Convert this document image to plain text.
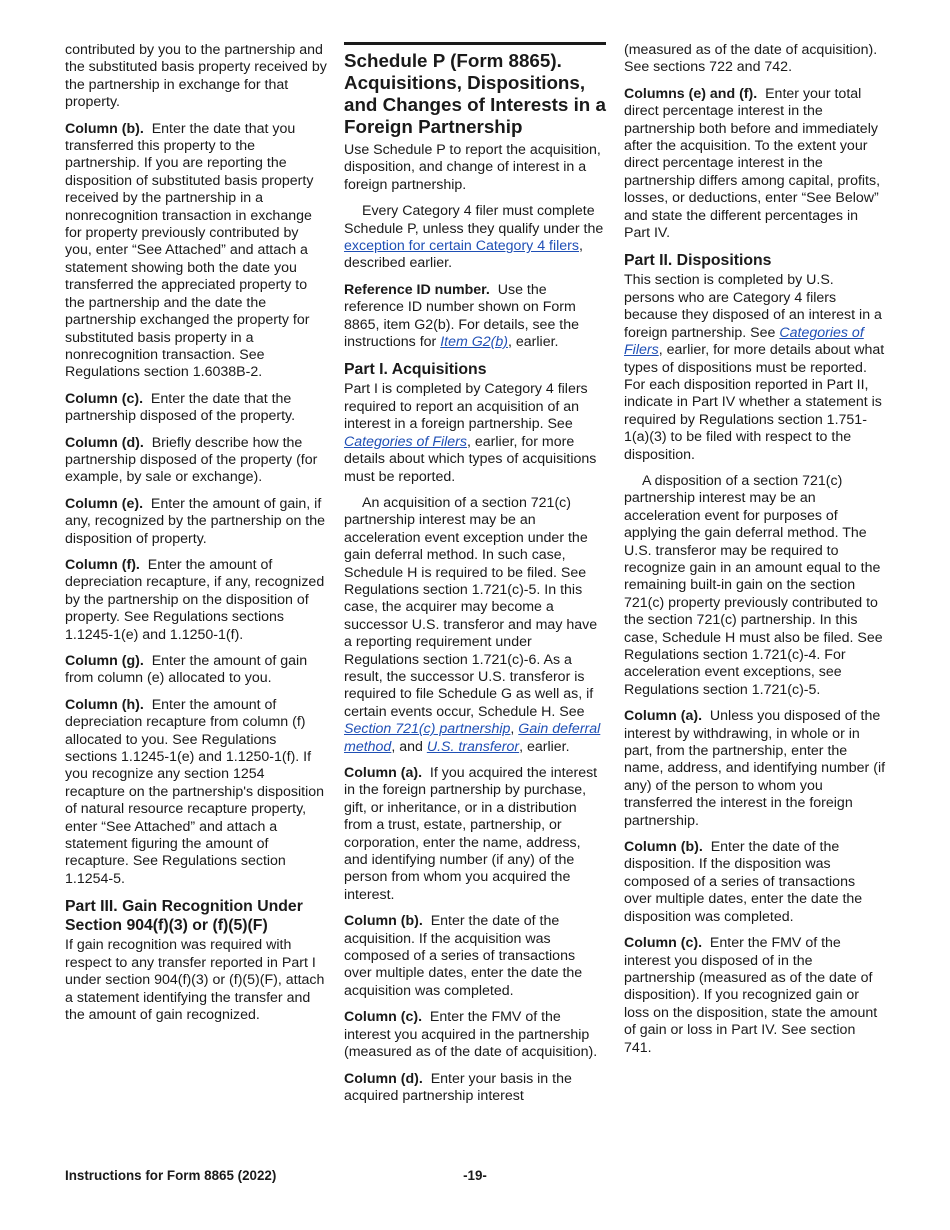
contributed by you to the partnership and the substituted basis property received by the partnership in exchange for that property.

Column (b). Enter the date that you transferred this property to the partnership. If you are reporting the disposition of substituted basis property received by the partnership in a nonrecognition transaction in exchange for property previously contributed by you, enter “See Attached” and attach a statement showing both the date you transferred the appreciated property to the partnership and the date the partnership exchanged the property for substituted basis property in a nonrecognition transaction. See Regulations section 1.6038B-2.

Column (c). Enter the date that the partnership disposed of the property.

Column (d). Briefly describe how the partnership disposed of the property (for example, by sale or exchange).

Column (e). Enter the amount of gain, if any, recognized by the partnership on the disposition of property.

Column (f). Enter the amount of depreciation recapture, if any, recognized by the partnership on the disposition of property. See Regulations sections 1.1245-1(e) and 1.1250-1(f).

Column (g). Enter the amount of gain from column (e) allocated to you.

Column (h). Enter the amount of depreciation recapture from column (f) allocated to you. See Regulations sections 1.1245-1(e) and 1.1250-1(f). If you recognize any section 1254 recapture on the partnership's disposition of natural resource recapture property, enter “See Attached” and attach a statement figuring the amount of recapture. See Regulations section 1.1254-5.

Part III. Gain Recognition Under Section 904(f)(3) or (f)(5)(F)

If gain recognition was required with respect to any transfer reported in Part I under section 904(f)(3) or (f)(5)(F), attach a statement identifying the transfer and the amount of gain recognized.

Schedule P (Form 8865). Acquisitions, Dispositions, and Changes of Interests in a Foreign Partnership

Use Schedule P to report the acquisition, disposition, and change of interest in a foreign partnership.

Every Category 4 filer must complete Schedule P, unless they qualify under the exception for certain Category 4 filers, described earlier.

Reference ID number. Use the reference ID number shown on Form 8865, item G2(b). For details, see the instructions for Item G2(b), earlier.

Part I. Acquisitions

Part I is completed by Category 4 filers required to report an acquisition of an interest in a foreign partnership. See Categories of Filers, earlier, for more details about which types of acquisitions must be reported.

An acquisition of a section 721(c) partnership interest may be an acceleration event exception under the gain deferral method. In such case, Schedule H is required to be filed. See Regulations section 1.721(c)-5. In this case, the acquirer may become a successor U.S. transferor and may have a reporting requirement under Regulations section 1.721(c)-6. As a result, the successor U.S. transferor is required to file Schedule G as well as, if certain events occur, Schedule H. See Section 721(c) partnership, Gain deferral method, and U.S. transferor, earlier.

Column (a). If you acquired the interest in the foreign partnership by purchase, gift, or inheritance, or in a distribution from a trust, estate, partnership, or corporation, enter the name, address, and identifying number (if any) of the person from whom you acquired the interest.

Column (b). Enter the date of the acquisition. If the acquisition was composed of a series of transactions over multiple dates, enter the date the acquisition was completed.

Column (c). Enter the FMV of the interest you acquired in the partnership (measured as of the date of acquisition).

Column (d). Enter your basis in the acquired partnership interest

(measured as of the date of acquisition). See sections 722 and 742.

Columns (e) and (f). Enter your total direct percentage interest in the partnership both before and immediately after the acquisition. To the extent your direct percentage interest in the partnership differs among capital, profits, losses, or deductions, enter “See Below” and state the different percentages in Part IV.

Part II. Dispositions

This section is completed by U.S. persons who are Category 4 filers because they disposed of an interest in a foreign partnership. See Categories of Filers, earlier, for more details about what types of dispositions must be reported. For each disposition reported in Part II, indicate in Part IV whether a statement is required by Regulations section 1.751-1(a)(3) to be filed with respect to the disposition.

A disposition of a section 721(c) partnership interest may be an acceleration event for purposes of applying the gain deferral method. The U.S. transferor may be required to recognize gain in an amount equal to the remaining built-in gain on the section 721(c) property previously contributed to the section 721(c) partnership. In this case, Schedule H must also be filed. See Regulations section 1.721(c)-4. For acceleration event exceptions, see Regulations section 1.721(c)-5.

Column (a). Unless you disposed of the interest by withdrawing, in whole or in part, from the partnership, enter the name, address, and identifying number (if any) of the person to whom you transferred the interest in the foreign partnership.

Column (b). Enter the date of the disposition. If the disposition was composed of a series of transactions over multiple dates, enter the date the disposition was completed.

Column (c). Enter the FMV of the interest you disposed of in the partnership (measured as of the date of disposition). If you recognized gain or loss on the disposition, state the amount of gain or loss in Part IV. See section 741.

-19-
Instructions for Form 8865 (2022)
